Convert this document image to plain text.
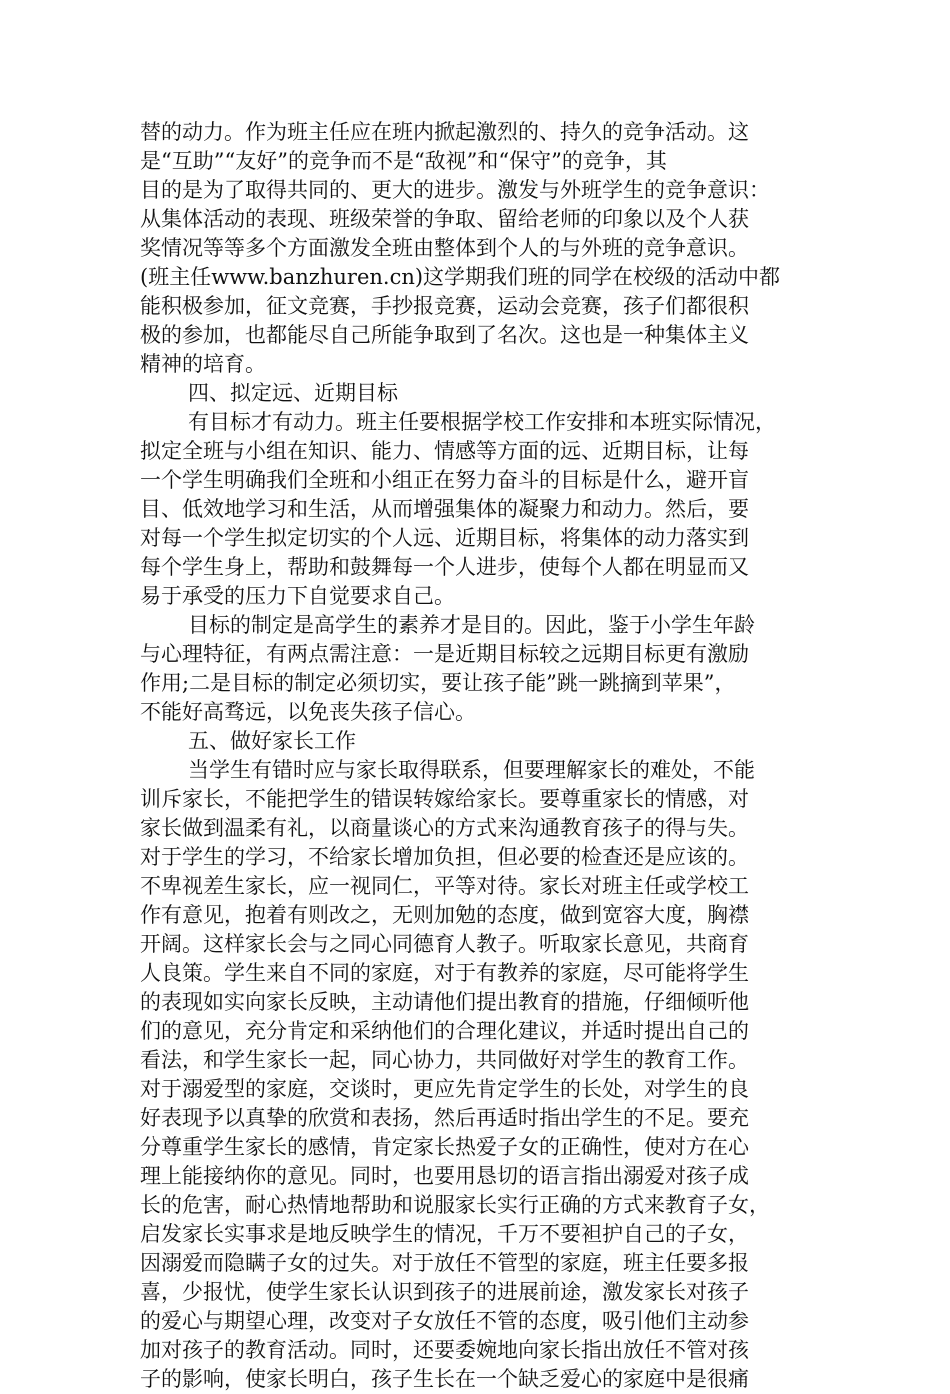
替的动力。作为班主任应在班内掀起激烈的、持久的竞争活动。这
是“互助”“友好”的竞争而不是“敌视”和“保守”的竞争，其
目的是为了取得共同的、更大的进步。激发与外班学生的竞争意识：
从集体活动的表现、班级荣誉的争取、留给老师的印象以及个人获
奖情况等等多个方面激发全班由整体到个人的与外班的竞争意识。
(班主任www.banzhuren.cn)这学期我们班的同学在校级的活动中都
能积极参加，征文竞赛，手抄报竞赛，运动会竞赛，孩子们都很积
极的参加，也都能尽自己所能争取到了名次。这也是一种集体主义
精神的培育。
四、拟定远、近期目标
有目标才有动力。班主任要根据学校工作安排和本班实际情况，
拟定全班与小组在知识、能力、情感等方面的远、近期目标，让每
一个学生明确我们全班和小组正在努力奋斗的目标是什么，避开盲
目、低效地学习和生活，从而增强集体的凝聚力和动力。然后，要
对每一个学生拟定切实的个人远、近期目标，将集体的动力落实到
每个学生身上，帮助和鼓舞每一个人进步，使每个人都在明显而又
易于承受的压力下自觉要求自己。
目标的制定是高学生的素养才是目的。因此，鉴于小学生年龄
与心理特征，有两点需注意：一是近期目标较之远期目标更有激励
作用;二是目标的制定必须切实，要让孩子能”跳一跳摘到苹果”，
不能好高骛远，以免丧失孩子信心。
五、做好家长工作
当学生有错时应与家长取得联系，但要理解家长的难处，不能
训斥家长，不能把学生的错误转嫁给家长。要尊重家长的情感，对
家长做到温柔有礼，以商量谈心的方式来沟通教育孩子的得与失。
对于学生的学习，不给家长增加负担，但必要的检查还是应该的。
不卑视差生家长，应一视同仁，平等对待。家长对班主任或学校工
作有意见，抱着有则改之，无则加勉的态度，做到宽容大度，胸襟
开阔。这样家长会与之同心同德育人教子。听取家长意见，共商育
人良策。学生来自不同的家庭，对于有教养的家庭，尽可能将学生
的表现如实向家长反映，主动请他们提出教育的措施，仔细倾听他
们的意见，充分肯定和采纳他们的合理化建议，并适时提出自己的
看法，和学生家长一起，同心协力，共同做好对学生的教育工作。
对于溺爱型的家庭，交谈时，更应先肯定学生的长处，对学生的良
好表现予以真挚的欣赏和表扬，然后再适时指出学生的不足。要充
分尊重学生家长的感情，肯定家长热爱子女的正确性，使对方在心
理上能接纳你的意见。同时，也要用恳切的语言指出溺爱对孩子成
长的危害，耐心热情地帮助和说服家长实行正确的方式来教育子女，
启发家长实事求是地反映学生的情况，千万不要袒护自己的子女，
因溺爱而隐瞒子女的过失。对于放任不管型的家庭，班主任要多报
喜，少报忧，使学生家长认识到孩子的进展前途，激发家长对孩子
的爱心与期望心理，改变对子女放任不管的态度，吸引他们主动参
加对孩子的教育活动。同时，还要委婉地向家长指出放任不管对孩
子的影响，使家长明白，孩子生长在一个缺乏爱心的家庭中是很痛
